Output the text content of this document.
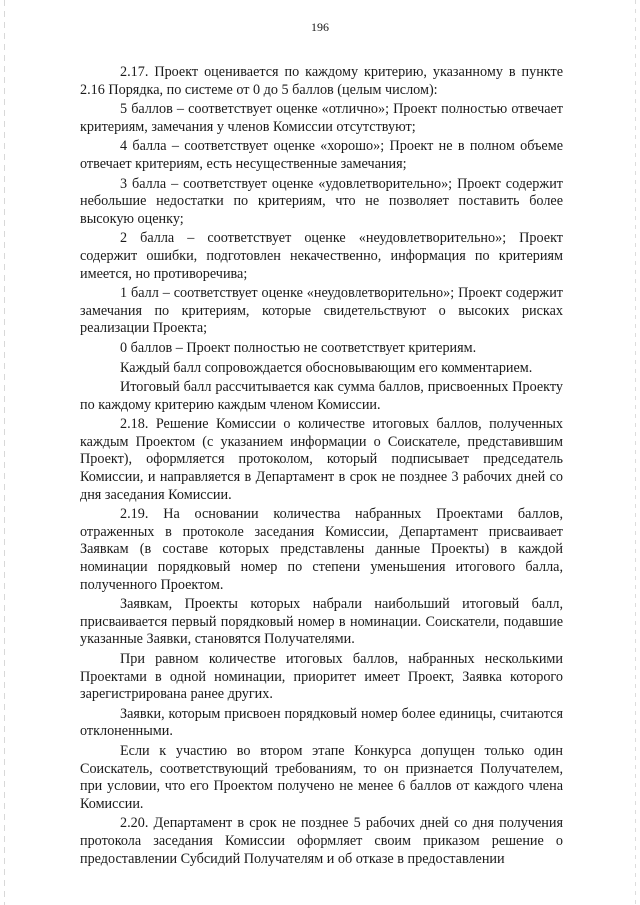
196

2.17. Проект оценивается по каждому критерию, указанному в пункте 2.16 Порядка, по системе от 0 до 5 баллов (целым числом):

5 баллов – соответствует оценке «отлично»; Проект полностью отвечает критериям, замечания у членов Комиссии отсутствуют;

4 балла – соответствует оценке «хорошо»; Проект не в полном объеме отвечает критериям, есть несущественные замечания;

3 балла – соответствует оценке «удовлетворительно»; Проект содержит небольшие недостатки по критериям, что не позволяет поставить более высокую оценку;

2 балла – соответствует оценке «неудовлетворительно»; Проект содержит ошибки, подготовлен некачественно, информация по критериям имеется, но противоречива;

1 балл – соответствует оценке «неудовлетворительно»; Проект содержит замечания по критериям, которые свидетельствуют о высоких рисках реализации Проекта;

0 баллов – Проект полностью не соответствует критериям.

Каждый балл сопровождается обосновывающим его комментарием.

Итоговый балл рассчитывается как сумма баллов, присвоенных Проекту по каждому критерию каждым членом Комиссии.

2.18. Решение Комиссии о количестве итоговых баллов, полученных каждым Проектом (с указанием информации о Соискателе, представившим Проект), оформляется протоколом, который подписывает председатель Комиссии, и направляется в Департамент в срок не позднее 3 рабочих дней со дня заседания Комиссии.

2.19. На основании количества набранных Проектами баллов, отраженных в протоколе заседания Комиссии, Департамент присваивает Заявкам (в составе которых представлены данные Проекты) в каждой номинации порядковый номер по степени уменьшения итогового балла, полученного Проектом.

Заявкам, Проекты которых набрали наибольший итоговый балл, присваивается первый порядковый номер в номинации. Соискатели, подавшие указанные Заявки, становятся Получателями.

При равном количестве итоговых баллов, набранных несколькими Проектами в одной номинации, приоритет имеет Проект, Заявка которого зарегистрирована ранее других.

Заявки, которым присвоен порядковый номер более единицы, считаются отклоненными.

Если к участию во втором этапе Конкурса допущен только один Соискатель, соответствующий требованиям, то он признается Получателем, при условии, что его Проектом получено не менее 6 баллов от каждого члена Комиссии.

2.20. Департамент в срок не позднее 5 рабочих дней со дня получения протокола заседания Комиссии оформляет своим приказом решение о предоставлении Субсидий Получателям и об отказе в предоставлении
